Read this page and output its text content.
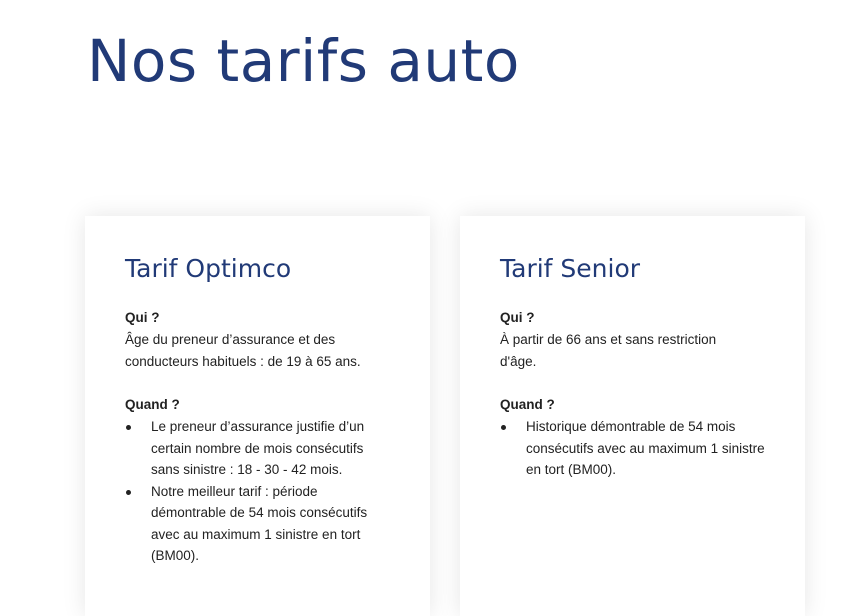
Nos tarifs auto
Tarif Optimco
Qui ?
Âge du preneur d’assurance et des conducteurs habituels : de 19 à 65 ans.
Quand ?
Le preneur d’assurance justifie d’un certain nombre de mois consécutifs sans sinistre : 18 - 30 - 42 mois.
Notre meilleur tarif : période démontrable de 54 mois consécutifs avec au maximum 1 sinistre en tort (BM00).
Tarif Senior
Qui ?
À partir de 66 ans et sans restriction d'âge.
Quand ?
Historique démontrable de 54 mois consécutifs avec au maximum 1 sinistre en tort (BM00).
